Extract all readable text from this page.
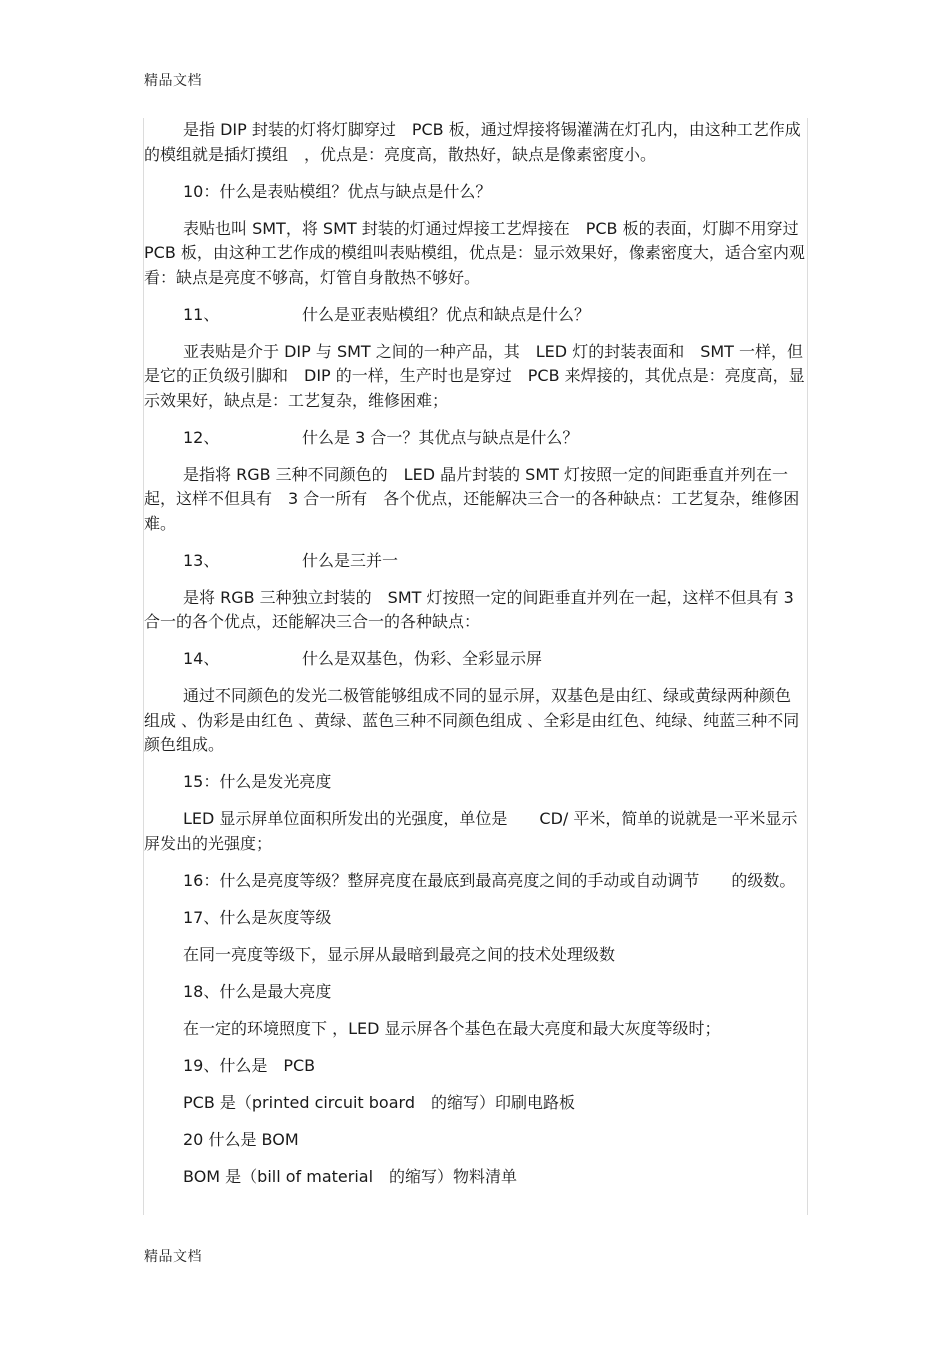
精品文档

是指 DIP 封装的灯将灯脚穿过　PCB 板，通过焊接将锡灌满在灯孔内，由这种工艺作成的模组就是插灯摸组　，优点是：亮度高，散热好，缺点是像素密度小。

10：什么是表贴模组？优点与缺点是什么？

表贴也叫 SMT，将 SMT 封装的灯通过焊接工艺焊接在　PCB 板的表面，灯脚不用穿过 PCB 板，由这种工艺作成的模组叫表贴模组，优点是：显示效果好，像素密度大，适合室内观看：缺点是亮度不够高，灯管自身散热不够好。

11、	什么是亚表贴模组？优点和缺点是什么？

亚表贴是介于 DIP 与 SMT 之间的一种产品，其　LED 灯的封装表面和　SMT 一样，但是它的正负级引脚和　DIP 的一样，生产时也是穿过　PCB 来焊接的，其优点是：亮度高，显示效果好，缺点是：工艺复杂，维修困难；

12、	什么是 3 合一？其优点与缺点是什么？

是指将 RGB 三种不同颜色的　LED 晶片封装的 SMT 灯按照一定的间距垂直并列在一起，这样不但具有　3 合一所有　各个优点，还能解决三合一的各种缺点：工艺复杂，维修困难。

13、	什么是三并一

是将 RGB 三种独立封装的　SMT 灯按照一定的间距垂直并列在一起，这样不但具有 3 合一的各个优点，还能解决三合一的各种缺点：

14、	什么是双基色，伪彩、全彩显示屏

通过不同颜色的发光二极管能够组成不同的显示屏，双基色是由红、绿或黄绿两种颜色组成 、伪彩是由红色 、黄绿、蓝色三种不同颜色组成 、全彩是由红色、纯绿、纯蓝三种不同颜色组成。

15：什么是发光亮度

LED 显示屏单位面积所发出的光强度，单位是　　CD/ 平米，简单的说就是一平米显示屏发出的光强度；

16：什么是亮度等级？整屏亮度在最底到最高亮度之间的手动或自动调节　　的级数。

17、什么是灰度等级
在同一亮度等级下，显示屏从最暗到最亮之间的技术处理级数
18、什么是最大亮度
在一定的环境照度下 ，LED 显示屏各个基色在最大亮度和最大灰度等级时；
19、什么是　PCB
PCB 是（printed circuit board　的缩写）印刷电路板
20 什么是 BOM
BOM 是（bill of material　的缩写）物料清单
精品文档
